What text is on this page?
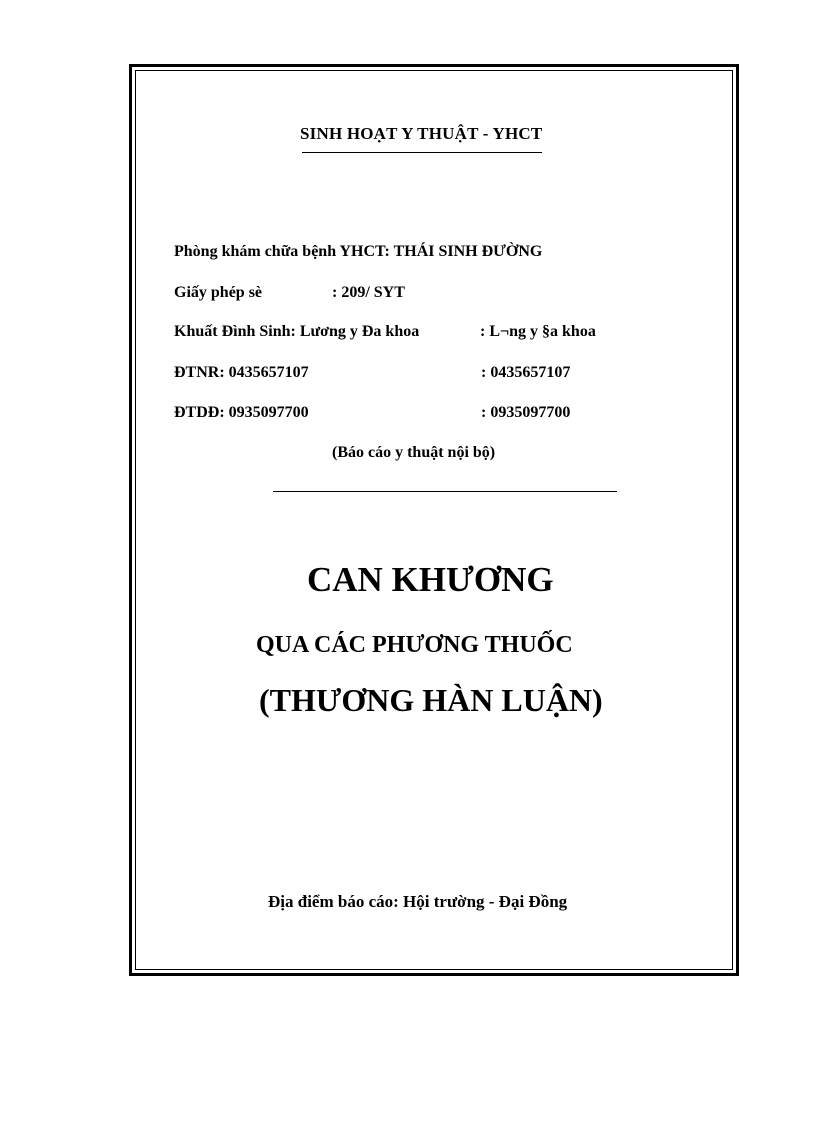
SINH HOẠT Y THUẬT - YHCT
Phòng khám chữa bệnh YHCT: THÁI SINH ĐƯỜNG
Giấy phép sè	: 209/ SYT
Khuất Đình Sinh: Lương y Đa khoa	: L¬ng y §a khoa
ĐTNR: 0435657107	: 0435657107
ĐTDĐ: 0935097700	: 0935097700
(Báo cáo y thuật nội bộ)
CAN KHƯƠNG
QUA CÁC PHƯƠNG THUỐC
(THƯƠNG HÀN LUẬN)
Địa điểm báo cáo: Hội trường - Đại Đồng
